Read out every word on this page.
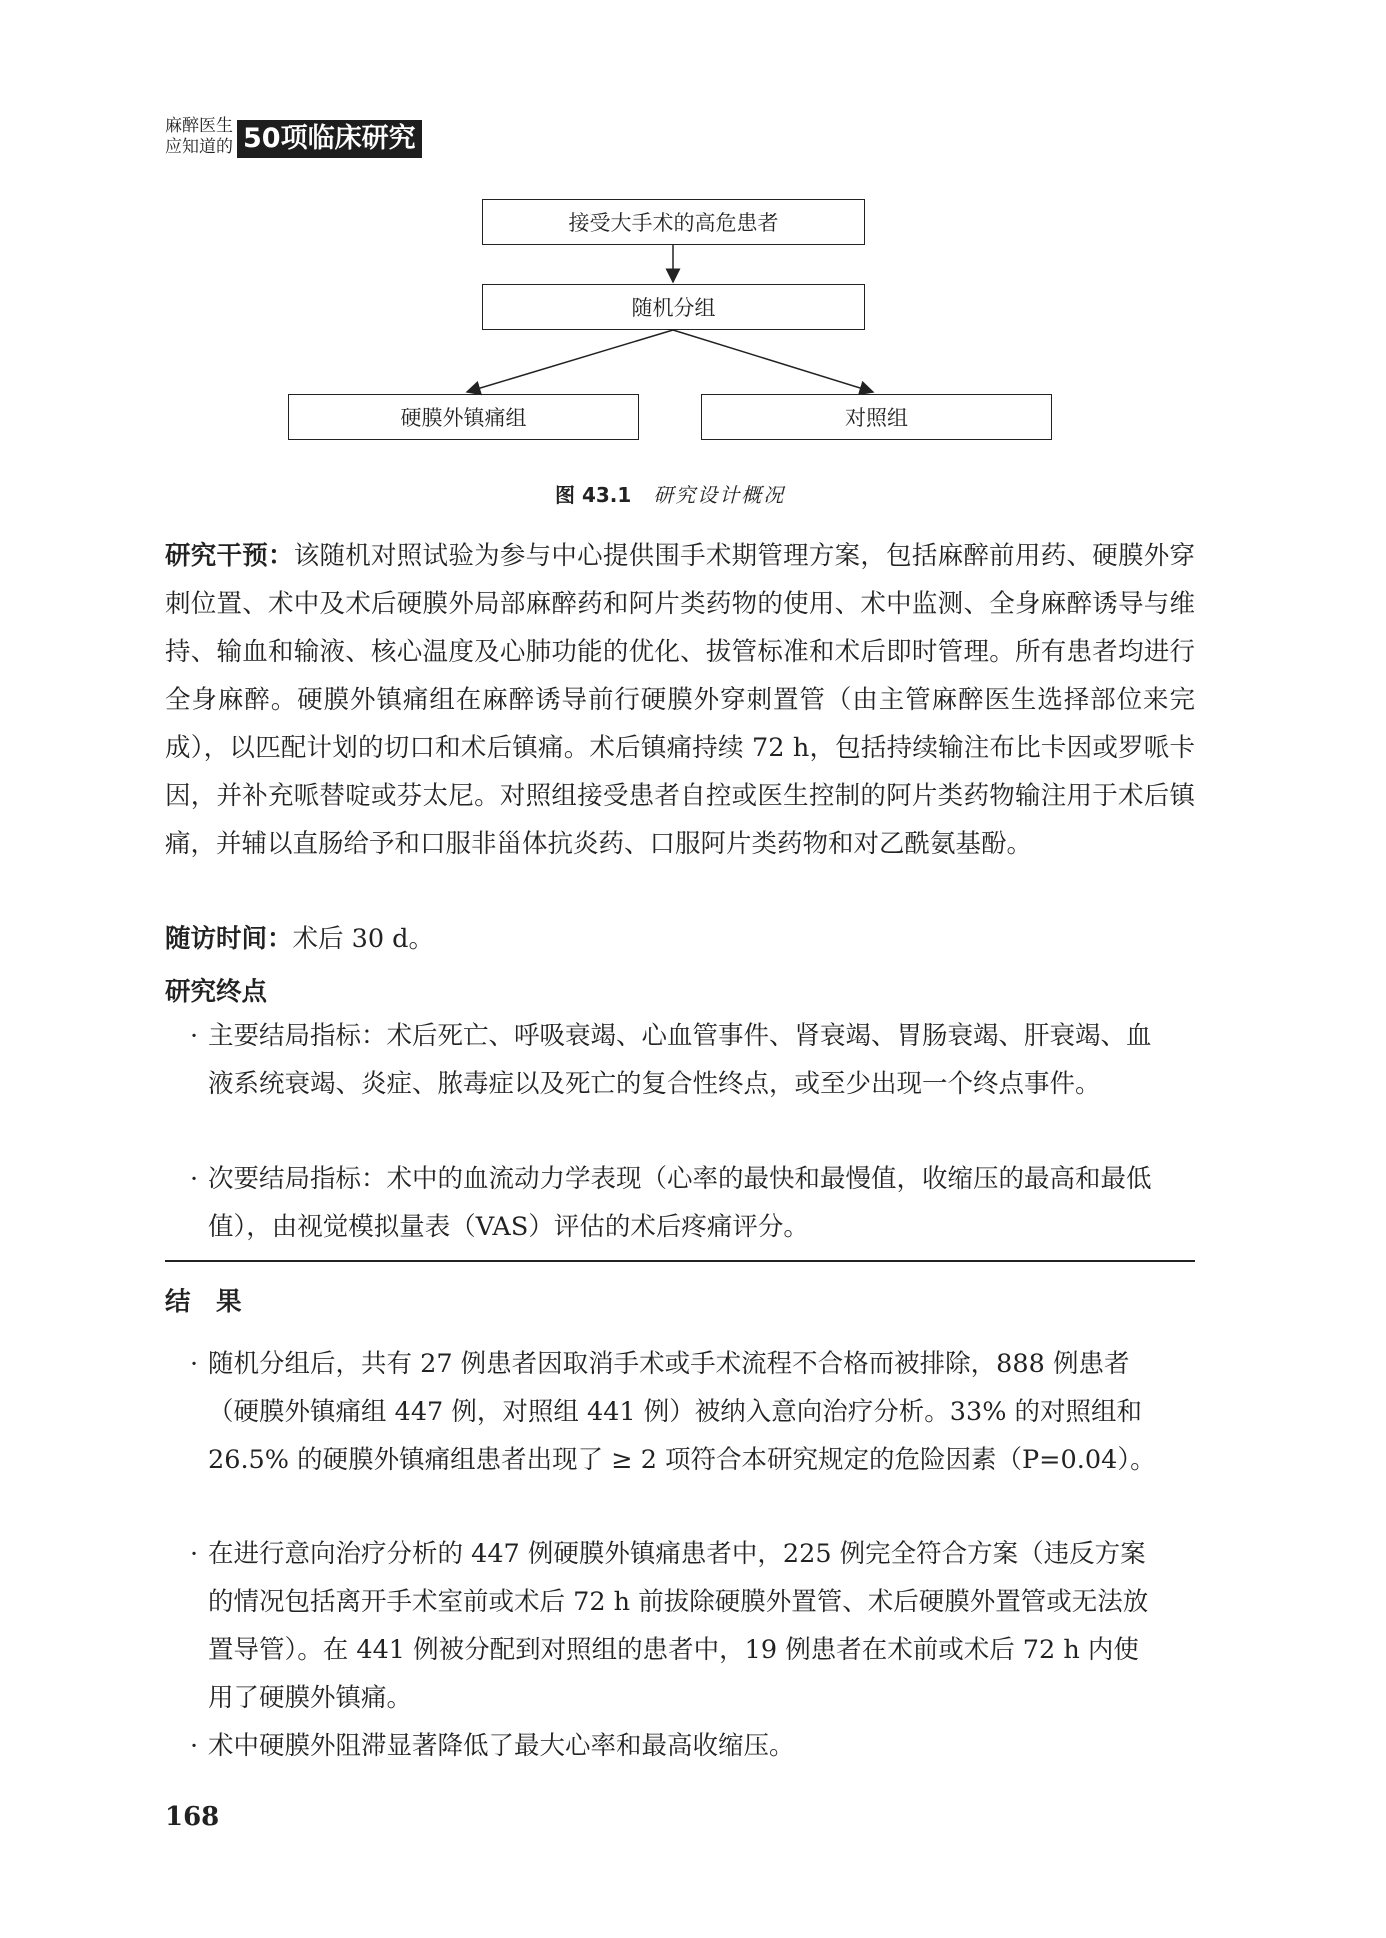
麻醉医生
应知道的 50项临床研究
接受大手术的高危患者
随机分组
硬膜外镇痛组	对照组
图 43.1 研究设计概况
研究干预：该随机对照试验为参与中心提供围手术期管理方案，包括麻醉前用药、硬膜外穿刺位置、术中及术后硬膜外局部麻醉药和阿片类药物的使用、术中监测、全身麻醉诱导与维持、输血和输液、核心温度及心肺功能的优化、拔管标准和术后即时管理。所有患者均进行全身麻醉。硬膜外镇痛组在麻醉诱导前行硬膜外穿刺置管（由主管麻醉医生选择部位来完成），以匹配计划的切口和术后镇痛。术后镇痛持续 72 h，包括持续输注布比卡因或罗哌卡因，并补充哌替啶或芬太尼。对照组接受患者自控或医生控制的阿片类药物输注用于术后镇痛，并辅以直肠给予和口服非甾体抗炎药、口服阿片类药物和对乙酰氨基酚。
随访时间：术后 30 d。
研究终点
· 主要结局指标：术后死亡、呼吸衰竭、心血管事件、肾衰竭、胃肠衰竭、肝衰竭、血液系统衰竭、炎症、脓毒症以及死亡的复合性终点，或至少出现一个终点事件。
· 次要结局指标：术中的血流动力学表现（心率的最快和最慢值，收缩压的最高和最低值），由视觉模拟量表（VAS）评估的术后疼痛评分。
结　果
· 随机分组后，共有 27 例患者因取消手术或手术流程不合格而被排除，888 例患者（硬膜外镇痛组 447 例，对照组 441 例）被纳入意向治疗分析。33% 的对照组和 26.5% 的硬膜外镇痛组患者出现了 ≥ 2 项符合本研究规定的危险因素（P=0.04）。
· 在进行意向治疗分析的 447 例硬膜外镇痛患者中，225 例完全符合方案（违反方案的情况包括离开手术室前或术后 72 h 前拔除硬膜外置管、术后硬膜外置管或无法放置导管）。在 441 例被分配到对照组的患者中，19 例患者在术前或术后 72 h 内使用了硬膜外镇痛。
· 术中硬膜外阻滞显著降低了最大心率和最高收缩压。
168
